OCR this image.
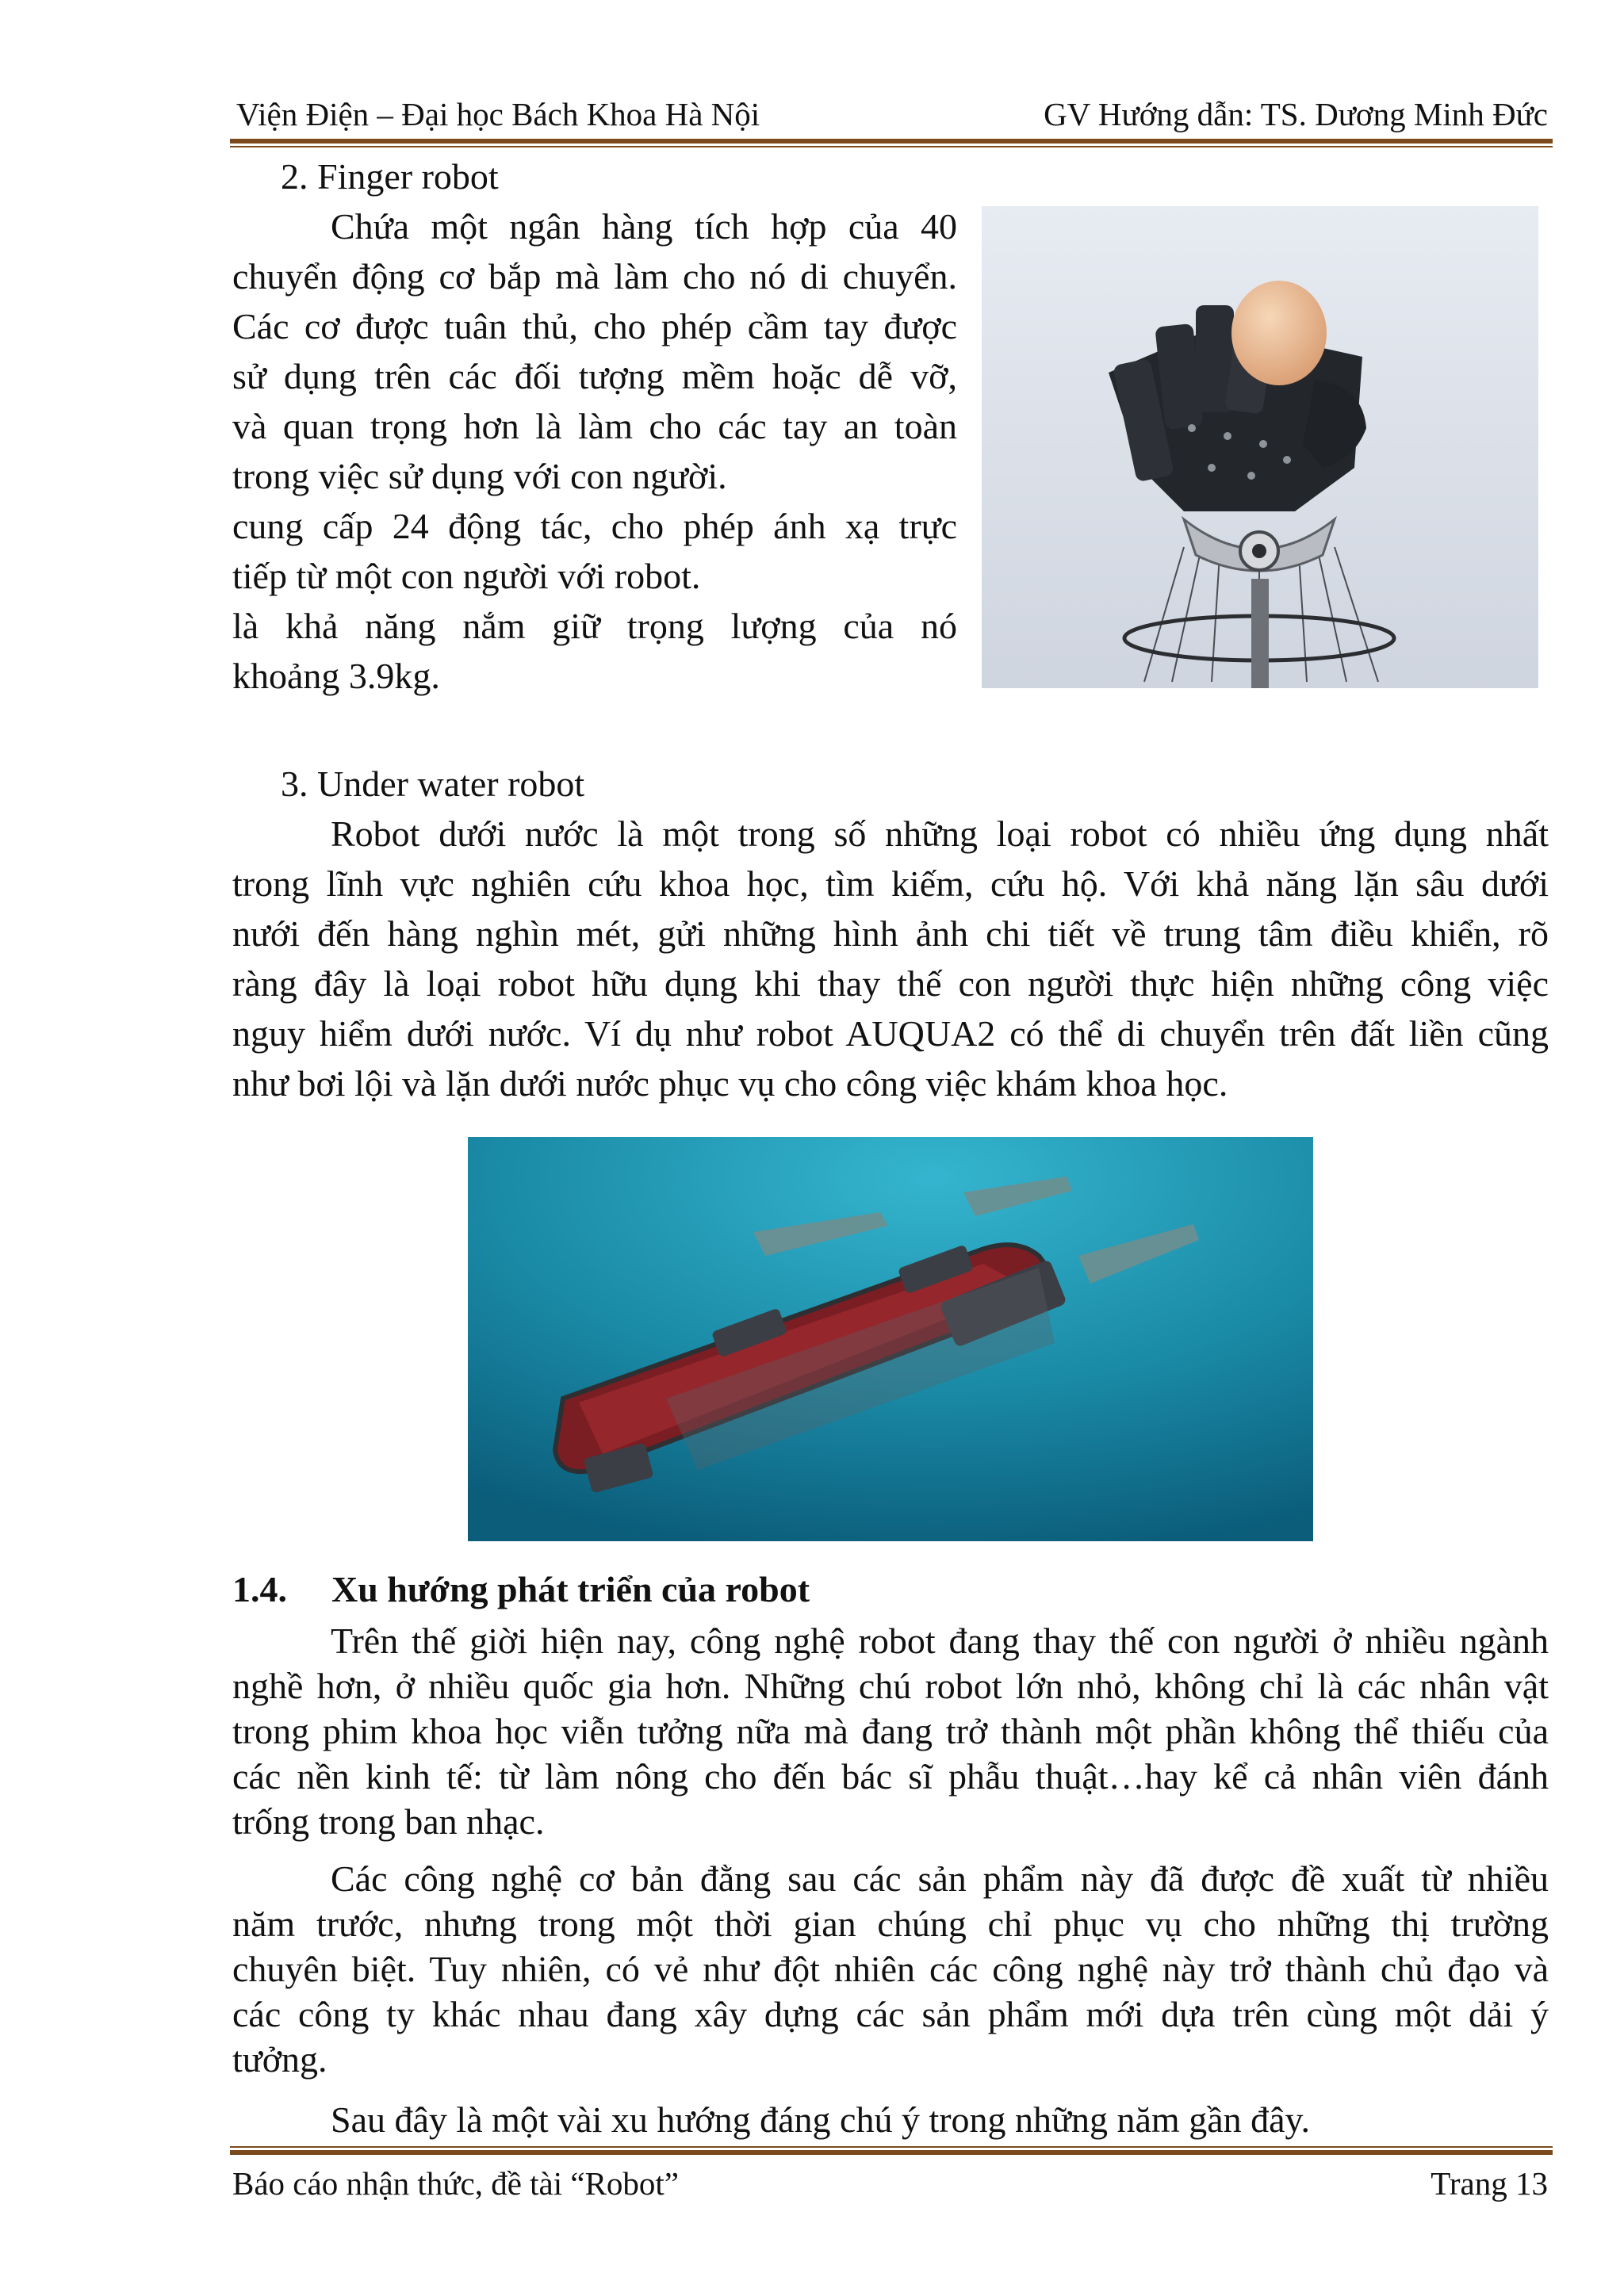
Viện Điện – Đại học Bách Khoa Hà Nội	GV Hướng dẫn: TS. Dương Minh Đức
2. Finger robot
Chứa một ngân hàng tích hợp của 40
chuyển động cơ bắp mà làm cho nó di chuyển.
Các cơ được tuân thủ, cho phép cầm tay được
sử dụng trên các đối tượng mềm hoặc dễ vỡ,
và quan trọng hơn là làm cho các tay an toàn
trong việc sử dụng với con người.
cung cấp 24 động tác, cho phép ánh xạ trực
tiếp từ một con người với robot.
là khả năng nắm giữ trọng lượng của nó
khoảng 3.9kg.
3. Under water robot
Robot dưới nước là một trong số những loại robot có nhiều ứng dụng nhất
trong lĩnh vực nghiên cứu khoa học, tìm kiếm, cứu hộ. Với khả năng lặn sâu dưới
nưới đến hàng nghìn mét, gửi những hình ảnh chi tiết về trung tâm điều khiển, rõ
ràng đây là loại robot hữu dụng khi thay thế con người thực hiện những công việc
nguy hiểm dưới nước. Ví dụ như robot AUQUA2 có thể di chuyển trên đất liền cũng
như bơi lội và lặn dưới nước phục vụ cho công việc khám khoa học.
1.4. Xu hướng phát triển của robot
Trên thế giời hiện nay, công nghệ robot đang thay thế con người ở nhiều ngành
nghề hơn, ở nhiều quốc gia hơn. Những chú robot lớn nhỏ, không chỉ là các nhân vật
trong phim khoa học viễn tưởng nữa mà đang trở thành một phần không thể thiếu của
các nền kinh tế: từ làm nông cho đến bác sĩ phẫu thuật…hay kể cả nhân viên đánh
trống trong ban nhạc.
Các công nghệ cơ bản đằng sau các sản phẩm này đã được đề xuất từ nhiều
năm trước, nhưng trong một thời gian chúng chỉ phục vụ cho những thị trường
chuyên biệt. Tuy nhiên, có vẻ như đột nhiên các công nghệ này trở thành chủ đạo và
các công ty khác nhau đang xây dựng các sản phẩm mới dựa trên cùng một dải ý
tưởng.
Sau đây là một vài xu hướng đáng chú ý trong những năm gần đây.
Báo cáo nhận thức, đề tài “Robot”	Trang 13
